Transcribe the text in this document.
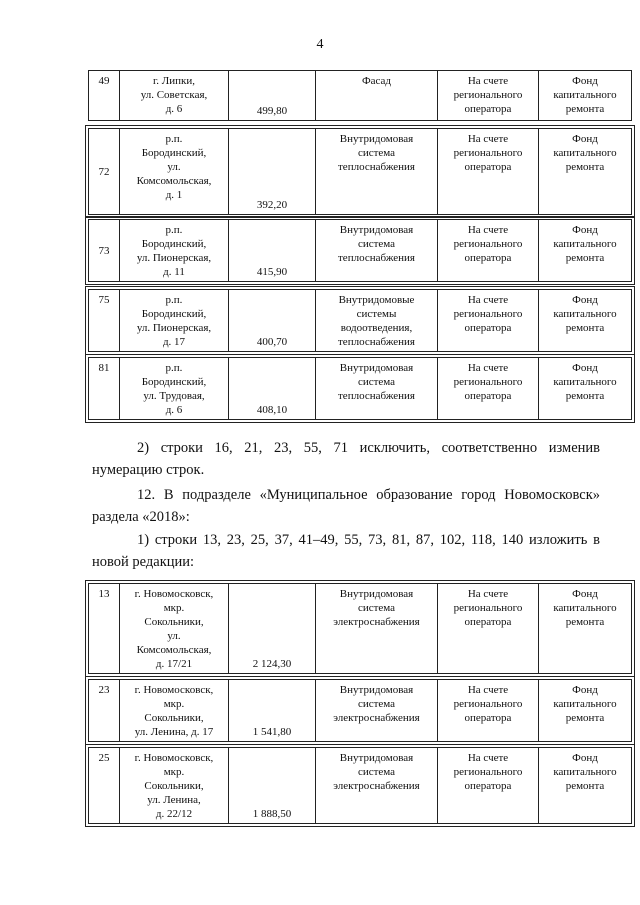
4
49	г. Липки,
ул. Советская,
д. 6	499,80	Фасад	На счете
регионального
оператора	Фонд
капитального
ремонта
72	р.п.
Бородинский,
ул.
Комсомольская,
д. 1	392,20	Внутридомовая
система
теплоснабжения	На счете
регионального
оператора	Фонд
капитального
ремонта
73	р.п.
Бородинский,
ул. Пионерская,
д. 11	415,90	Внутридомовая
система
теплоснабжения	На счете
регионального
оператора	Фонд
капитального
ремонта
75	р.п.
Бородинский,
ул. Пионерская,
д. 17	400,70	Внутридомовые
системы
водоотведения,
теплоснабжения	На счете
регионального
оператора	Фонд
капитального
ремонта
81	р.п.
Бородинский,
ул. Трудовая,
д. 6	408,10	Внутридомовая
система
теплоснабжения	На счете
регионального
оператора	Фонд
капитального
ремонта
2) строки 16, 21, 23, 55, 71 исключить, соответственно изменив нумерацию строк.
12. В подразделе «Муниципальное образование город Новомосковск» раздела «2018»:
1) строки 13, 23, 25, 37, 41–49, 55, 73, 81, 87, 102, 118, 140 изложить в новой редакции:
13	г. Новомосковск,
мкр.
Сокольники,
ул.
Комсомольская,
д. 17/21	2 124,30	Внутридомовая
система
электроснабжения	На счете
регионального
оператора	Фонд
капитального
ремонта
23	г. Новомосковск,
мкр.
Сокольники,
ул. Ленина, д. 17	1 541,80	Внутридомовая
система
электроснабжения	На счете
регионального
оператора	Фонд
капитального
ремонта
25	г. Новомосковск,
мкр.
Сокольники,
ул. Ленина,
д. 22/12	1 888,50	Внутридомовая
система
электроснабжения	На счете
регионального
оператора	Фонд
капитального
ремонта
